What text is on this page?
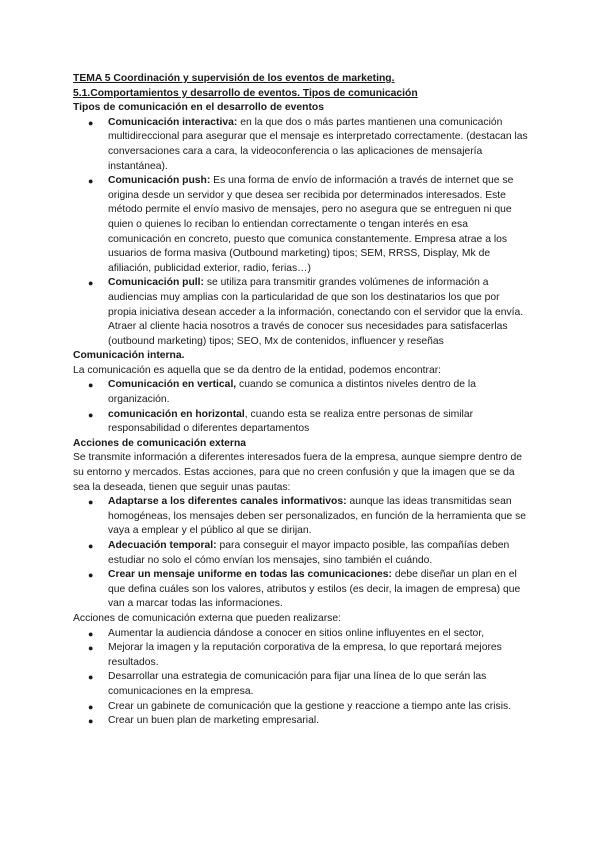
TEMA 5 Coordinación y supervisión de los eventos de marketing.

5.1.Comportamientos y desarrollo de eventos. Tipos de comunicación

Tipos de comunicación en el desarrollo de eventos

● Comunicación interactiva: en la que dos o más partes mantienen una comunicación multidireccional para asegurar que el mensaje es interpretado correctamente. (destacan las conversaciones cara a cara, la videoconferencia o las aplicaciones de mensajería instantánea).
● Comunicación push: Es una forma de envío de información a través de internet que se origina desde un servidor y que desea ser recibida por determinados interesados. Este método permite el envío masivo de mensajes, pero no asegura que se entreguen ni que quien o quienes lo reciban lo entiendan correctamente o tengan interés en esa comunicación en concreto, puesto que comunica constantemente. Empresa atrae a los usuarios de forma masiva (Outbound marketing) tipos; SEM, RRSS, Display, Mk de afiliación, publicidad exterior, radio, ferias…)
● Comunicación pull: se utiliza para transmitir grandes volúmenes de información a audiencias muy amplias con la particularidad de que son los destinatarios los que por propia iniciativa desean acceder a la información, conectando con el servidor que la envía. Atraer al cliente hacia nosotros a través de conocer sus necesidades para satisfacerlas (outbound marketing) tipos; SEO, Mx de contenidos, influencer y reseñas

Comunicación interna.

La comunicación es aquella que se da dentro de la entidad, podemos encontrar:

● Comunicación en vertical, cuando se comunica a distintos niveles dentro de la organización.
● comunicación en horizontal, cuando esta se realiza entre personas de similar responsabilidad o diferentes departamentos

Acciones de comunicación externa

Se transmite información a diferentes interesados fuera de la empresa, aunque siempre dentro de su entorno y mercados. Estas acciones, para que no creen confusión y que la imagen que se da sea la deseada, tienen que seguir unas pautas:

● Adaptarse a los diferentes canales informativos: aunque las ideas transmitidas sean homogéneas, los mensajes deben ser personalizados, en función de la herramienta que se vaya a emplear y el público al que se dirijan.
● Adecuación temporal: para conseguir el mayor impacto posible, las compañías deben estudiar no solo el cómo envían los mensajes, sino también el cuándo.
● Crear un mensaje uniforme en todas las comunicaciones: debe diseñar un plan en el que defina cuáles son los valores, atributos y estilos (es decir, la imagen de empresa) que van a marcar todas las informaciones.

Acciones de comunicación externa que pueden realizarse:

● Aumentar la audiencia dándose a conocer en sitios online influyentes en el sector,
● Mejorar la imagen y la reputación corporativa de la empresa, lo que reportará mejores resultados.
● Desarrollar una estrategia de comunicación para fijar una línea de lo que serán las comunicaciones en la empresa.
● Crear un gabinete de comunicación que la gestione y reaccione a tiempo ante las crisis.
● Crear un buen plan de marketing empresarial.
